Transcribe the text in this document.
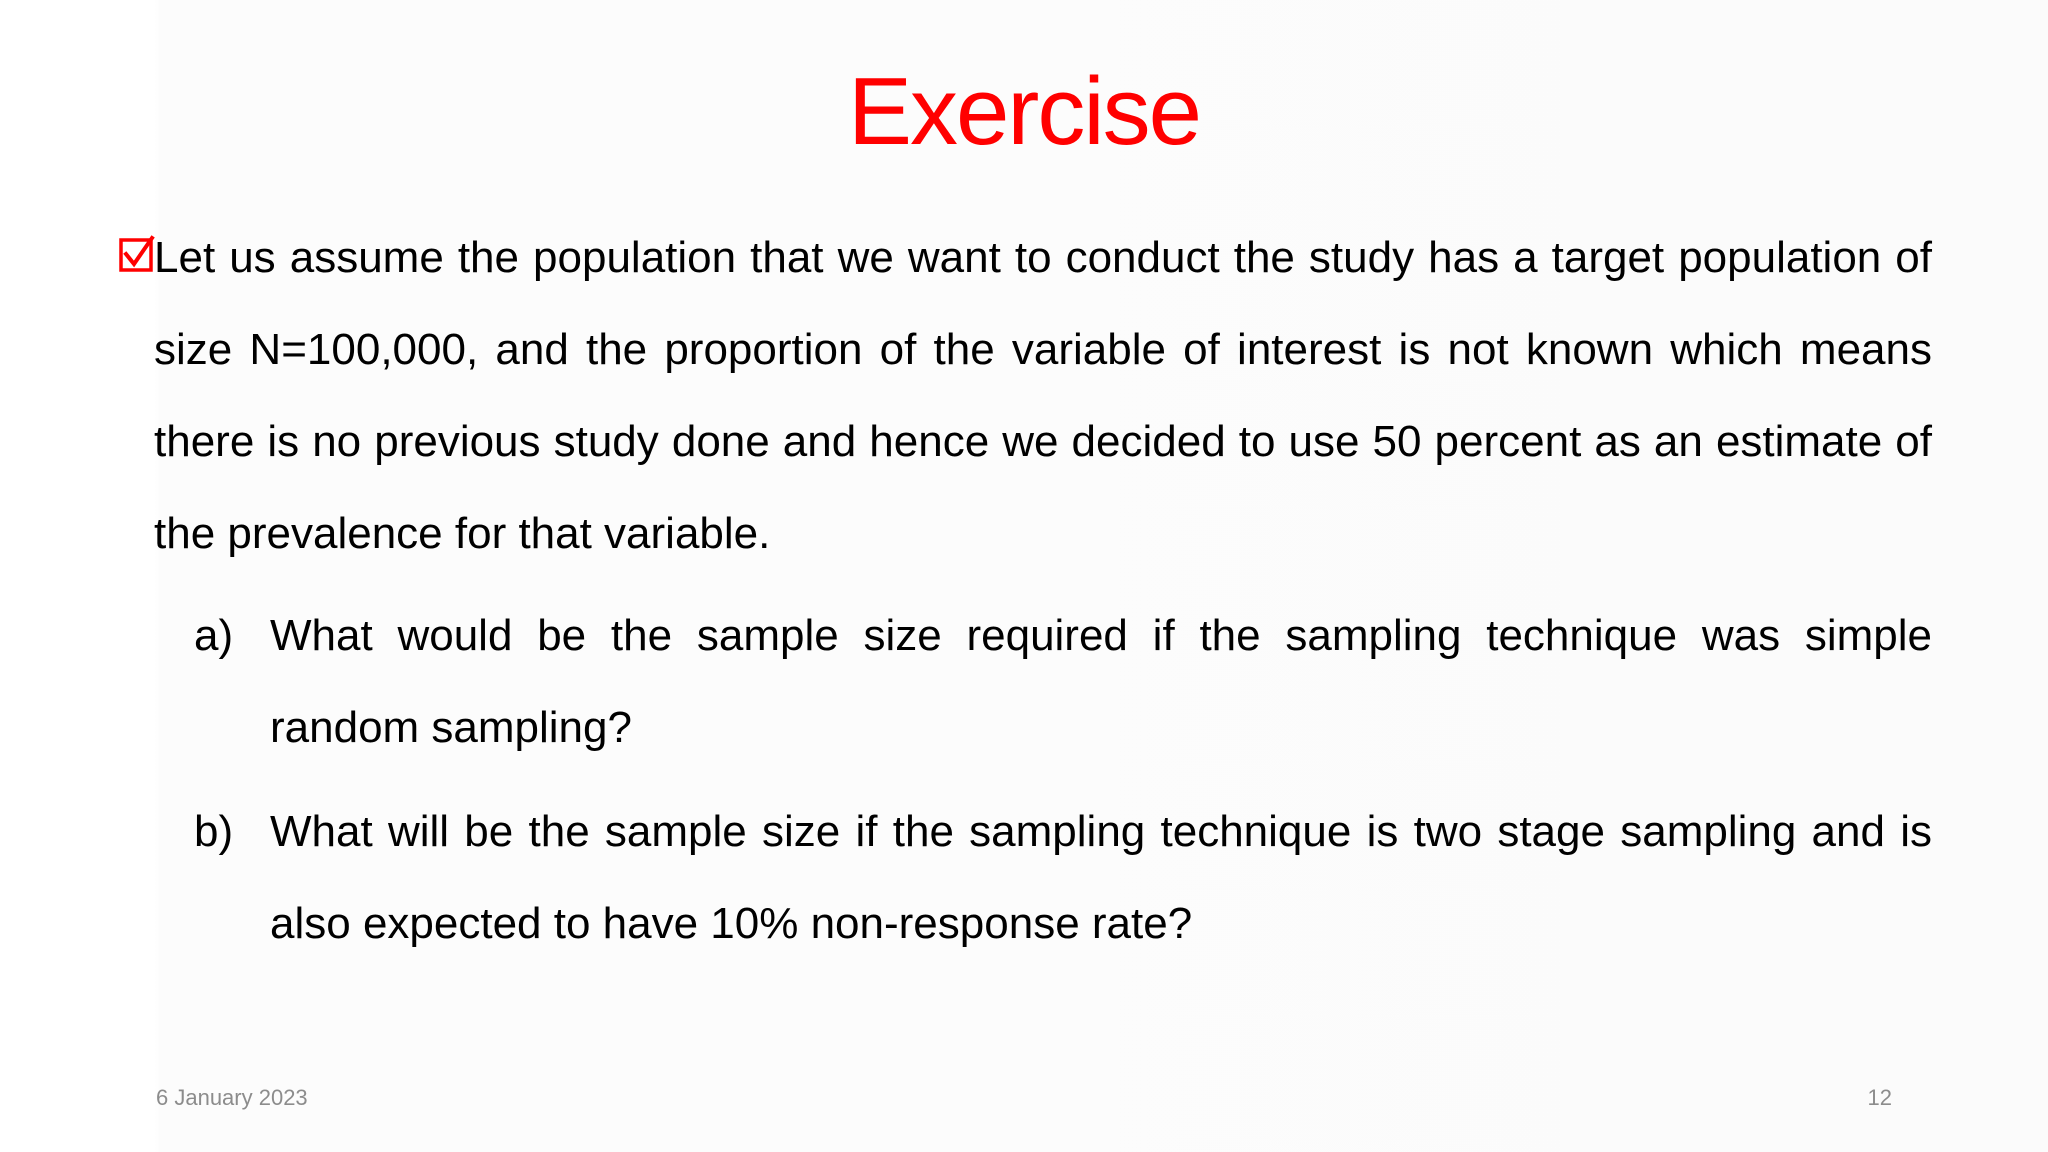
Exercise

Let us assume the population that we want to conduct the study has a target population of size N=100,000, and the proportion of the variable of interest is not known which means there is no previous study done and hence we decided to use 50 percent as an estimate of the prevalence for that variable.

a) What would be the sample size required if the sampling technique was simple random sampling?
b) What will be the sample size if the sampling technique is two stage sampling and is also expected to have 10% non-response rate?
6 January 2023	12
